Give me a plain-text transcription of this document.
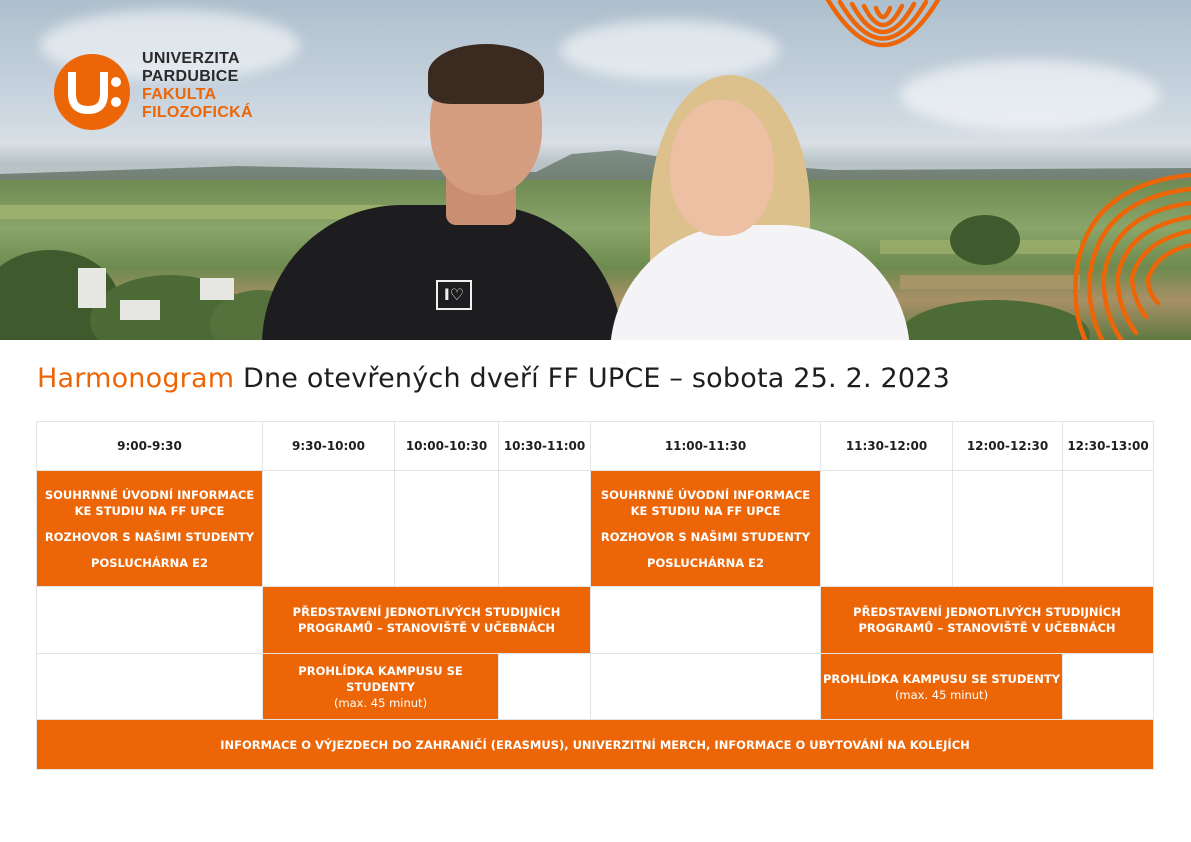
I♡
UNIVERZITA
PARDUBICE
FAKULTA
FILOZOFICKÁ
Harmonogram Dne otevřených dveří FF UPCE – sobota 25. 2. 2023
9:00-9:30	9:30-10:00	10:00-10:30	10:30-11:00	11:00-11:30	11:30-12:00	12:00-12:30	12:30-13:00

SOUHRNNÉ ÚVODNÍ INFORMACE
KE STUDIU NA FF UPCE
ROZHOVOR S NAŠIMI STUDENTY
POSLUCHÁRNA E2				SOUHRNNÉ ÚVODNÍ INFORMACE
KE STUDIU NA FF UPCE
ROZHOVOR S NAŠIMI STUDENTY
POSLUCHÁRNA E2			

	PŘEDSTAVENÍ JEDNOTLIVÝCH STUDIJNÍCH
PROGRAMŮ – STANOVIŠTĚ V UČEBNÁCH				PŘEDSTAVENÍ JEDNOTLIVÝCH STUDIJNÍCH
PROGRAMŮ – STANOVIŠTĚ V UČEBNÁCH		

	PROHLÍDKA KAMPUSU SE STUDENTY
(max. 45 minut)				PROHLÍDKA KAMPUSU SE STUDENTY
(max. 45 minut)		

INFORMACE O VÝJEZDECH DO ZAHRANIČÍ (ERASMUS), UNIVERZITNÍ MERCH, INFORMACE O UBYTOVÁNÍ NA KOLEJÍCH							
